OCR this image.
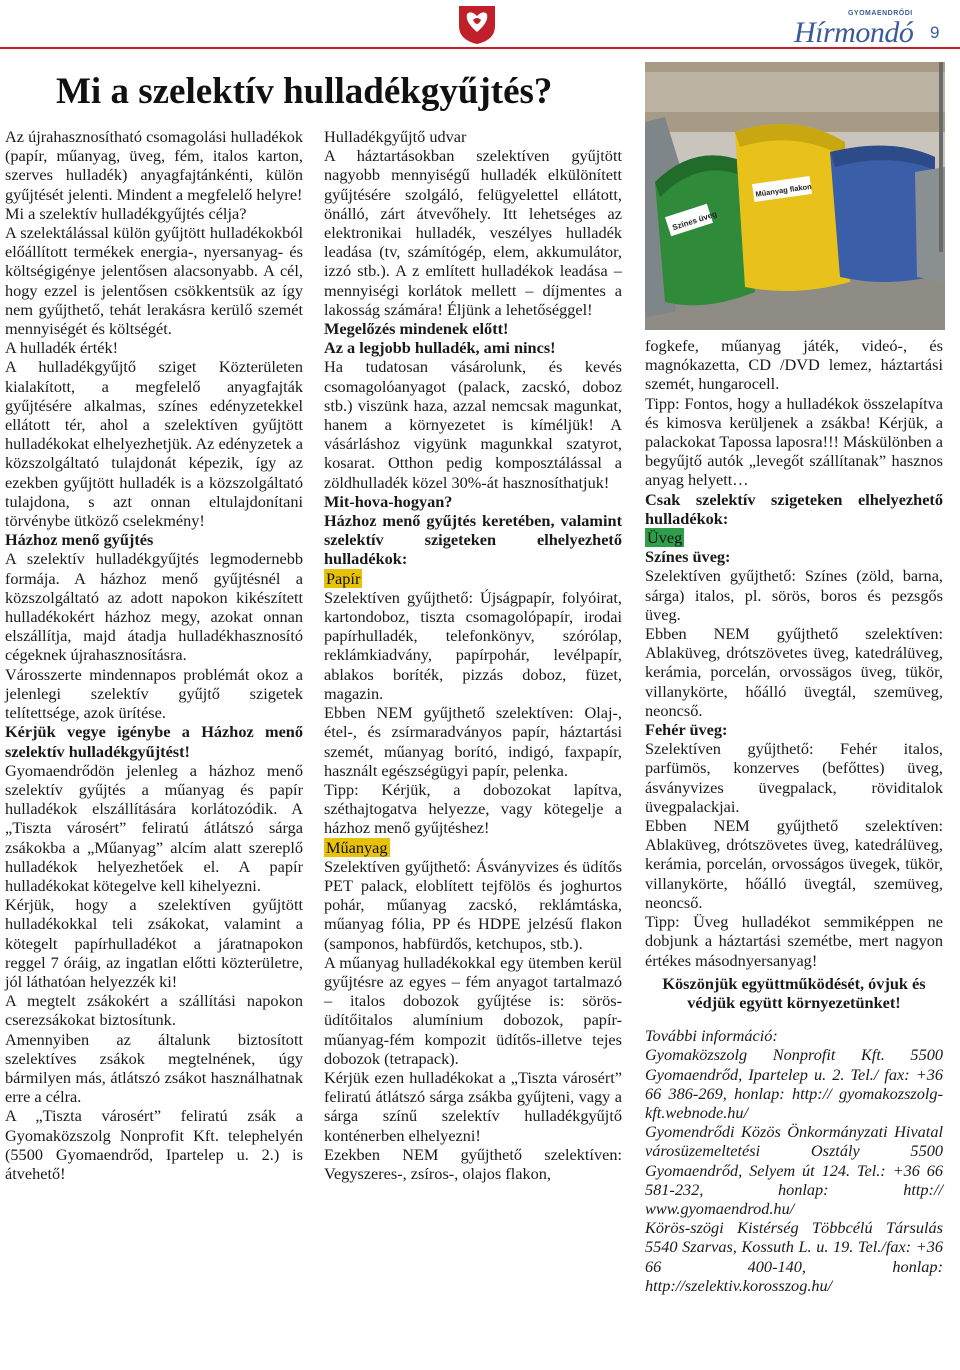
GYOMAENDRŐDI
Hírmondó 9
Mi a szelektív hulladékgyűjtés?
Színes üveg
Műanyag flakon

Az újrahasznosítható csomagolási hulladékok (papír, műanyag, üveg, fém, italos karton, szerves hulladék) anyagfajtánkénti, külön gyűjtését jelenti. Mindent a megfelelő helyre!

Mi a szelektív hulladékgyűjtés célja?

A szelektálással külön gyűjtött hulladékokból előállított termékek energia-, nyersanyag- és költségigénye jelentősen alacsonyabb. A cél, hogy ezzel is jelentősen csökkentsük az így nem gyűjthető, tehát lerakásra kerülő szemét mennyiségét és költségét.

A hulladék érték!

A hulladékgyűjtő sziget Közterületen kialakított, a megfelelő anyagfajták gyűjtésére alkalmas, színes edényzetekkel ellátott tér, ahol a szelektíven gyűjtött hulladékokat elhelyezhetjük. Az edényzetek a közszolgáltató tulajdonát képezik, így az ezekben gyűjtött hulladék is a közszolgáltató tulajdona, s azt onnan eltulajdonítani törvénybe ütköző cselekmény!

Házhoz menő gyűjtés

A szelektív hulladékgyűjtés legmodernebb formája. A házhoz menő gyűjtésnél a közszolgáltató az adott napokon kikészített hulladékokért házhoz megy, azokat onnan elszállítja, majd átadja hulladékhasznosító cégeknek újrahasznosításra.

Városszerte mindennapos problémát okoz a jelenlegi szelektív gyűjtő szigetek telítettsége, azok ürítése.

Kérjük vegye igénybe a Házhoz menő szelektív hulladékgyűjtést!

Gyomaendrődön jelenleg a házhoz menő szelektív gyűjtés a műanyag és papír hulladékok elszállítására korlátozódik. A „Tiszta városért” feliratú átlátszó sárga zsákokba a „Műanyag” alcím alatt szereplő hulladékok helyezhetőek el. A papír hulladékokat kötegelve kell kihelyezni.

Kérjük, hogy a szelektíven gyűjtött hulladékokkal teli zsákokat, valamint a kötegelt papírhulladékot a járatnapokon reggel 7 óráig, az ingatlan előtti közterületre, jól láthatóan helyezzék ki!

A megtelt zsákokért a szállítási napokon cserezsákokat biztosítunk.

Amennyiben az általunk biztosított szelektíves zsákok megtelnének, úgy bármilyen más, átlátszó zsákot használhatnak erre a célra.

A „Tiszta városért” feliratú zsák a Gyomaközszolg Nonprofit Kft. telephelyén (5500 Gyomaendrőd, Ipartelep u. 2.) is átvehető!

Hulladékgyűjtő udvar

A háztartásokban szelektíven gyűjtött nagyobb mennyiségű hulladék elkülönített gyűjtésére szolgáló, felügyelettel ellátott, önálló, zárt átvevőhely. Itt lehetséges az elektronikai hulladék, veszélyes hulladék leadása (tv, számítógép, elem, akkumulátor, izzó stb.). A z említett hulladékok leadása – mennyiségi korlátok mellett – díjmentes a lakosság számára! Éljünk a lehetőséggel!

Megelőzés mindenek előtt!

Az a legjobb hulladék, ami nincs!

Ha tudatosan vásárolunk, és kevés csomagolóanyagot (palack, zacskó, doboz stb.) viszünk haza, azzal nemcsak magunkat, hanem a környezetet is kíméljük! A vásárláshoz vigyünk magunkkal szatyrot, kosarat. Otthon pedig komposztálással a zöldhulladék közel 30%-át hasznosíthatjuk!

Mit-hova-hogyan?

Házhoz menő gyűjtés keretében, valamint szelektív szigeteken elhelyezhető hulladékok:

Papír

Szelektíven gyűjthető: Újságpapír, folyóirat, kartondoboz, tiszta csomagolópapír, irodai papírhulladék, telefonkönyv, szórólap, reklámkiadvány, papírpohár, levélpapír, ablakos boríték, pizzás doboz, füzet, magazin.

Ebben NEM gyűjthető szelektíven: Olaj-, étel-, és zsírmaradványos papír, háztartási szemét, műanyag borító, indigó, faxpapír, használt egészségügyi papír, pelenka.

Tipp: Kérjük, a dobozokat lapítva, széthajtogatva helyezze, vagy kötegelje a házhoz menő gyűjtéshez!

Műanyag

Szelektíven gyűjthető: Ásványvizes és üdítős PET palack, eloblített tejfölös és joghurtos pohár, műanyag zacskó, reklámtáska, műanyag fólia, PP és HDPE jelzésű flakon (samponos, habfürdős, ketchupos, stb.).

A műanyag hulladékokkal egy ütemben kerül gyűjtésre az egyes – fém anyagot tartalmazó – italos dobozok gyűjtése is: sörös- üdítőitalos alumínium dobozok, papír-műanyag-fém kompozit üdítős-illetve tejes dobozok (tetrapack).

Kérjük ezen hulladékokat a „Tiszta városért” feliratú átlátszó sárga zsákba gyűjteni, vagy a sárga színű szelektív hulladékgyűjtő konténerben elhelyezni!

Ezekben NEM gyűjthető szelektíven: Vegyszeres-, zsíros-, olajos flakon,

fogkefe, műanyag játék, videó-, és magnókazetta, CD /DVD lemez, háztartási szemét, hungarocell.

Tipp: Fontos, hogy a hulladékok összelapítva és kimosva kerüljenek a zsákba! Kérjük, a palackokat Tapossa laposra!!! Máskülönben a begyűjtő autók „levegőt szállítanak” hasznos anyag helyett…

Csak szelektív szigeteken elhelyezhető hulladékok:

Üveg

Színes üveg:

Szelektíven gyűjthető: Színes (zöld, barna, sárga) italos, pl. sörös, boros és pezsgős üveg.

Ebben NEM gyűjthető szelektíven: Ablaküveg, drótszövetes üveg, katedrálüveg, kerámia, porcelán, orvossägos üveg, tükör, villanykörte, hőálló üvegtál, szemüveg, neoncső.

Fehér üveg:

Szelektíven gyűjthető: Fehér italos, parfümös, konzerves (befőttes) üveg, ásványvizes üvegpalack, röviditalok üvegpalackjai.

Ebben NEM gyűjthető szelektíven: Ablaküveg, drótszövetes üveg, katedrálüveg, kerámia, porcelán, orvosságos üvegek, tükör, villanykörte, hőálló üvegtál, szemüveg, neoncső.

Tipp: Üveg hulladékot semmiképpen ne dobjunk a háztartási szemétbe, mert nagyon értékes másodnyersanyag!

Köszönjük együttműködését, óvjuk és védjük együtt környezetünket!

További információ:

Gyomaközszolg Nonprofit Kft. 5500 Gyomaendrőd, Ipartelep u. 2. Tel./ fax: +36 66 386-269, honlap: http:// gyomakozszolg-kft.webnode.hu/

Gyomendrődi Közös Önkormányzati Hivatal városüzemeltetési Osztály 5500 Gyomaendrőd, Selyem út 124. Tel.: +36 66 581-232, honlap: http:// www.gyomaendrod.hu/

Körös-szögi Kistérség Többcélú Társulás 5540 Szarvas, Kossuth L. u. 19. Tel./fax: +36 66 400-140, honlap: http://szelektiv.korosszog.hu/
